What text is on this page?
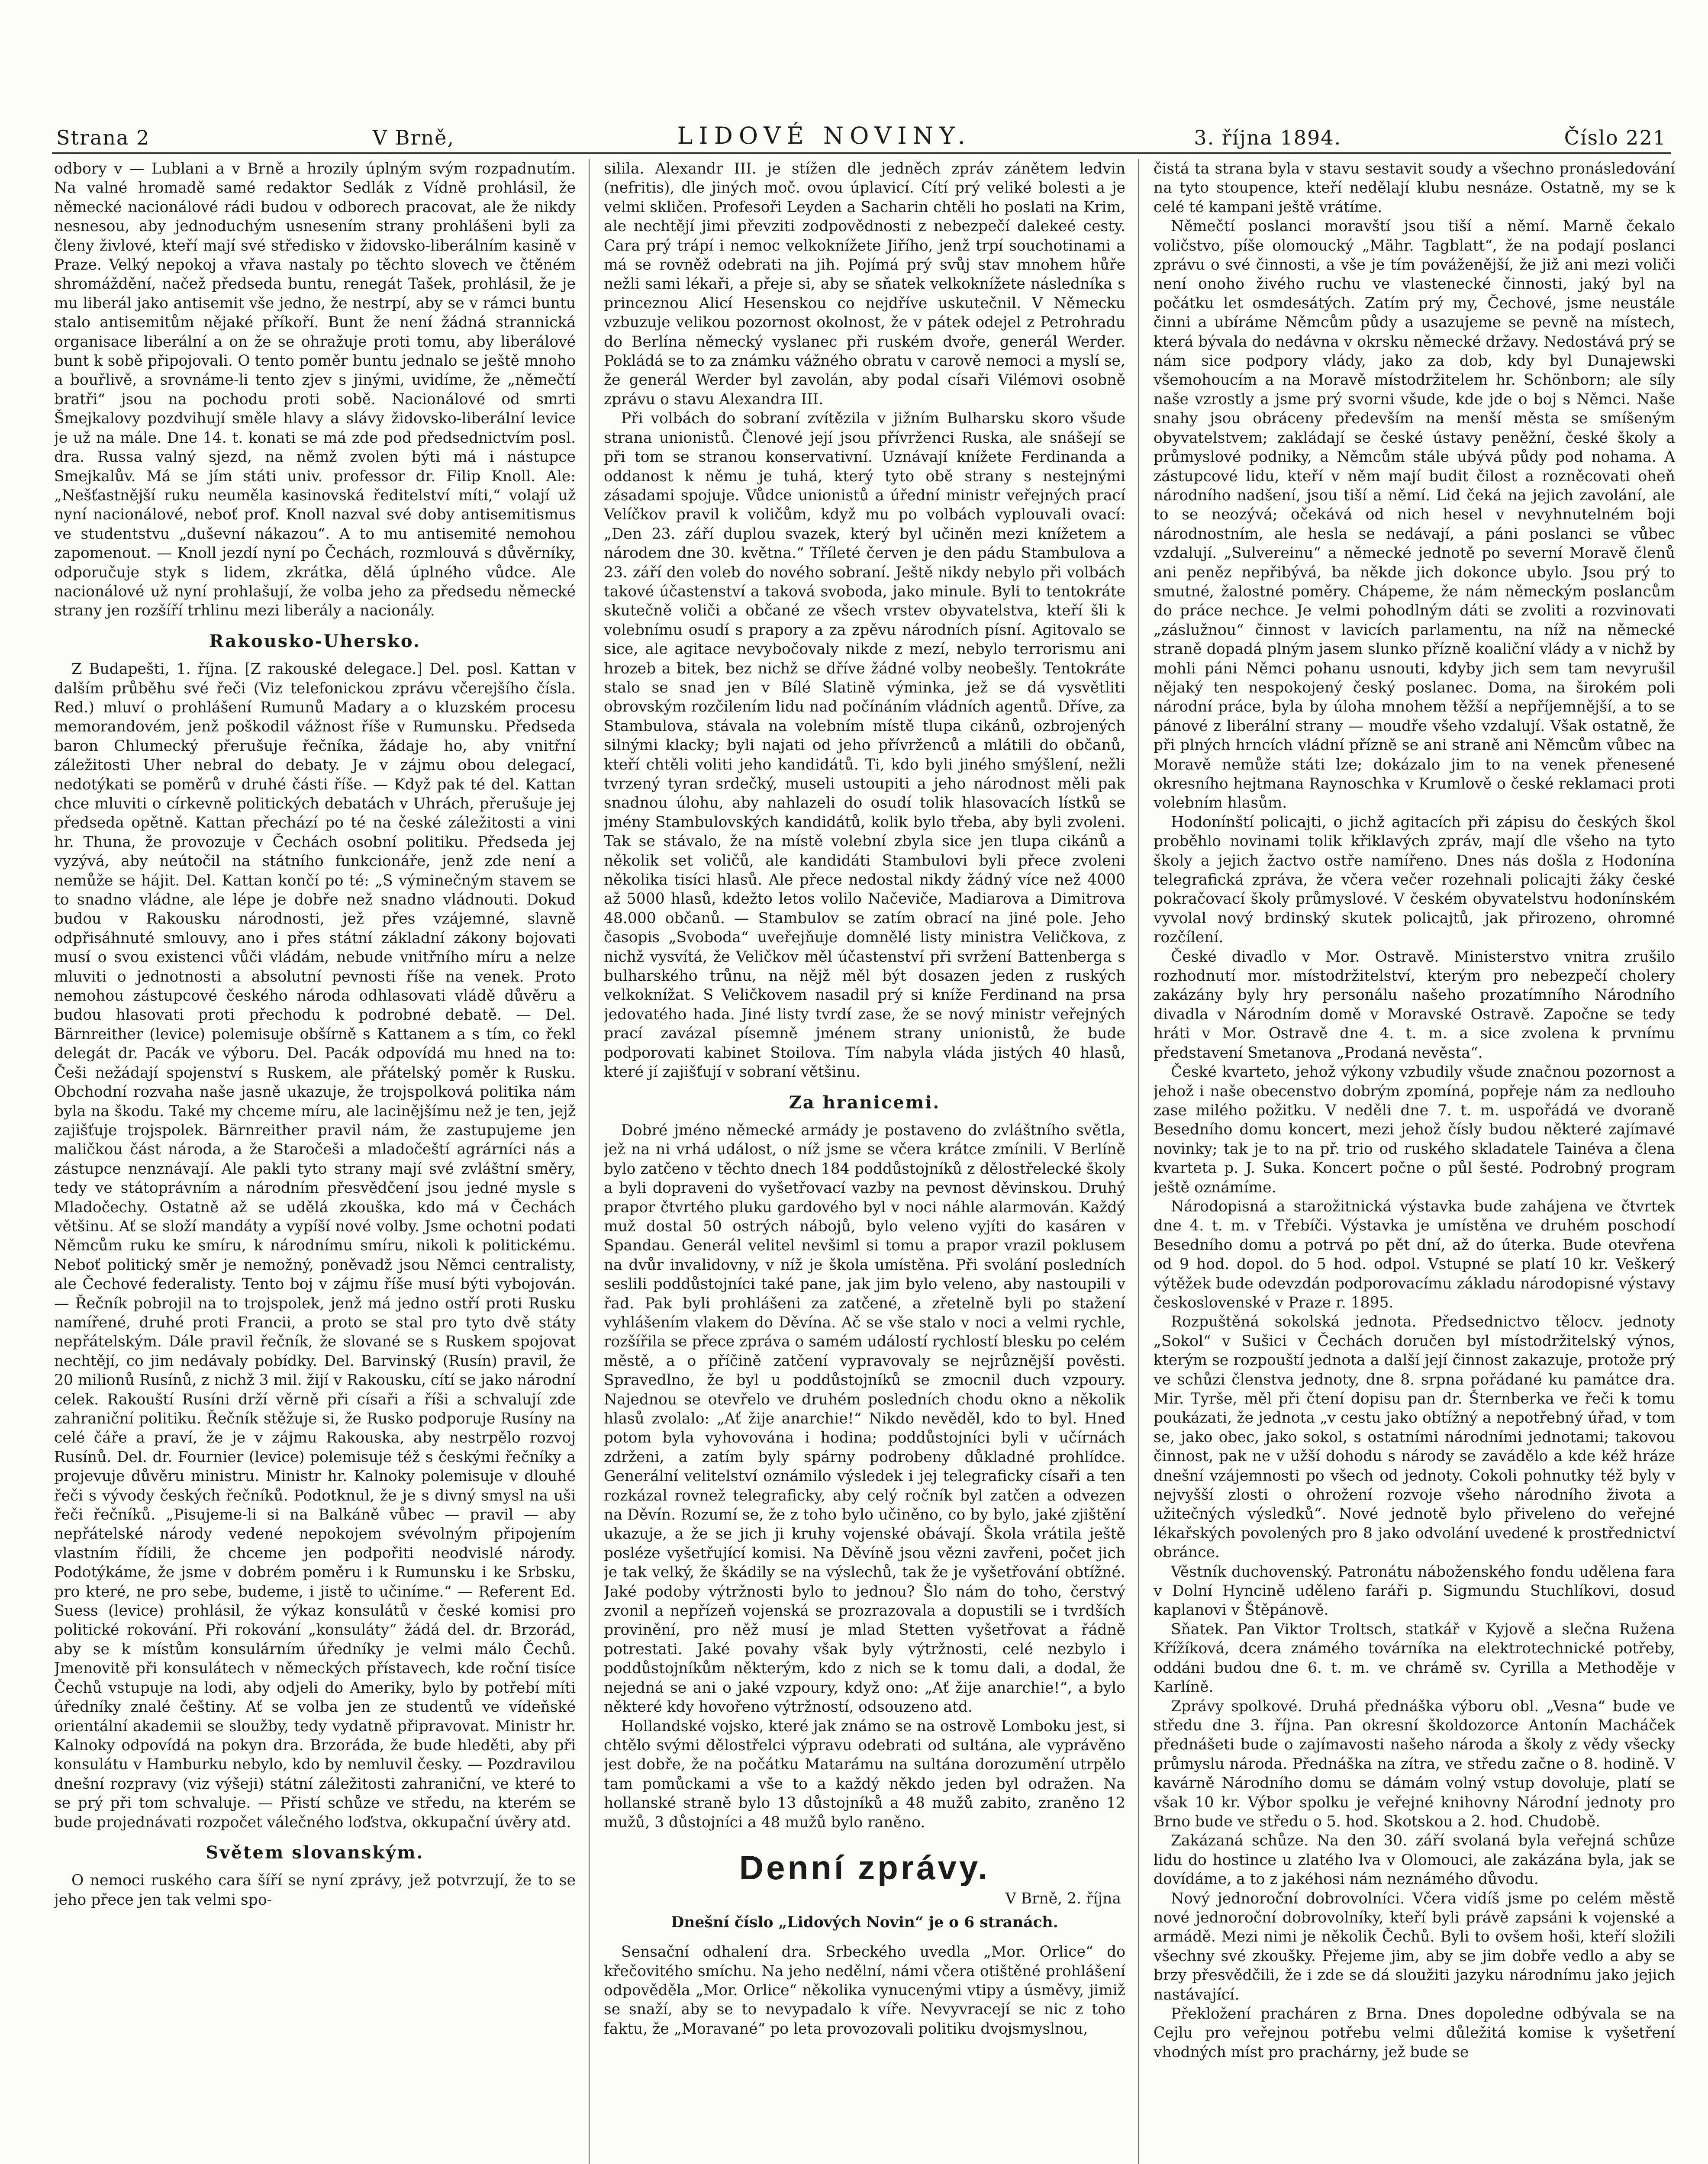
Strana 2	V Brně,	LIDOVÉ NOVINY.	3. října 1894.	Číslo 221

odbory v — Lublani a v Brně a hrozily úplným svým rozpadnutím. Na valné hromadě samé redaktor Sedlák z Vídně prohlásil, že německé nacionálové rádi budou v odborech pracovat, ale že nikdy nesnesou, aby jednoduchým usnesením strany prohlášeni byli za členy živlové, kteří mají své středisko v židovsko-liberálním kasině v Praze. Velký nepokoj a vřava nastaly po těchto slovech ve čtěném shromáždění, načež předseda buntu, renegát Tašek, prohlásil, že je mu liberál jako antisemit vše jedno, že nestrpí, aby se v rámci buntu stalo antisemitům nějaké příkoří. Bunt že není žádná strannická organisace liberální a on že se ohražuje proti tomu, aby liberálové bunt k sobě připojovali. O tento poměr buntu jednalo se ještě mnoho a bouřlivě, a srovnáme-li tento zjev s jinými, uvidíme, že „němečtí bratři“ jsou na pochodu proti sobě. Nacionálové od smrti Šmejkalovy pozdvihují směle hlavy a slávy židovsko-liberální levice je už na mále. Dne 14. t. konati se má zde pod předsednictvím posl. dra. Russa valný sjezd, na němž zvolen býti má i nástupce Smejkalův. Má se jím státi univ. professor dr. Filip Knoll. Ale: „Nešťastnější ruku neuměla kasinovská ředitelství míti,“ volají už nyní nacionálové, neboť prof. Knoll nazval své doby antisemitismus ve studentstvu „duševní nákazou“. A to mu antisemité nemohou zapomenout. — Knoll jezdí nyní po Čechách, rozmlouvá s důvěrníky, odporučuje styk s lidem, zkrátka, dělá úplného vůdce. Ale nacionálové už nyní prohlašují, že volba jeho za předsedu německé strany jen rozšíří trhlinu mezi liberály a nacionály.

Rakousko-Uhersko.

Z Budapešti, 1. října. [Z rakouské delegace.] Del. posl. Kattan v dalším průběhu své řeči (Viz telefonickou zprávu včerejšího čísla. Red.) mluví o prohlášení Rumunů Madary a o kluzském procesu memorandovém, jenž poškodil vážnost říše v Rumunsku. Předseda baron Chlumecký přerušuje řečníka, žádaje ho, aby vnitřní záležitosti Uher nebral do debaty. Je v zájmu obou delegací, nedotýkati se poměrů v druhé části říše. — Když pak té del. Kattan chce mluviti o církevně politických debatách v Uhrách, přerušuje jej předseda opětně. Kattan přechází po té na české záležitosti a vini hr. Thuna, že provozuje v Čechách osobní politiku. Předseda jej vyzývá, aby neútočil na státního funkcionáře, jenž zde není a nemůže se hájit. Del. Kattan končí po té: „S výminečným stavem se to snadno vládne, ale lépe je dobře než snadno vládnouti. Dokud budou v Rakousku národnosti, jež přes vzájemné, slavně odpřisáhnuté smlouvy, ano i přes státní základní zákony bojovati musí o svou existenci vůči vládám, nebude vnitřního míru a nelze mluviti o jednotnosti a absolutní pevnosti říše na venek. Proto nemohou zástupcové českého národa odhlasovati vládě důvěru a budou hlasovati proti přechodu k podrobné debatě. — Del. Bärnreither (levice) polemisuje obšírně s Kattanem a s tím, co řekl delegát dr. Pacák ve výboru. Del. Pacák odpovídá mu hned na to: Češi nežádají spojenství s Ruskem, ale přátelský poměr k Rusku. Obchodní rozvaha naše jasně ukazuje, že trojspolková politika nám byla na škodu. Také my chceme míru, ale lacinějšímu než je ten, jejž zajišťuje trojspolek. Bärnreither pravil nám, že zastupujeme jen maličkou část národa, a že Staročeši a mladočeští agrárníci nás a zástupce nenznávají. Ale pakli tyto strany mají své zvláštní směry, tedy ve státoprávním a národním přesvědčení jsou jedné mysle s Mladočechy. Ostatně až se udělá zkouška, kdo má v Čechách většinu. Ať se složí mandáty a vypíší nové volby. Jsme ochotni podati Němcům ruku ke smíru, k národnímu smíru, nikoli k politickému. Neboť politický směr je nemožný, poněvadž jsou Němci centralisty, ale Čechové federalisty. Tento boj v zájmu říše musí býti vybojován. — Řečník pobrojil na to trojspolek, jenž má jedno ostří proti Rusku namířené, druhé proti Francii, a proto se stal pro tyto dvě státy nepřátelským. Dále pravil řečník, že slované se s Ruskem spojovat nechtějí, co jim nedávaly pobídky. Del. Barvinský (Rusín) pravil, že 20 milionů Rusínů, z nichž 3 mil. žijí v Rakousku, cítí se jako národní celek. Rakouští Rusíni drží věrně při císaři a říši a schvalují zde zahraniční politiku. Řečník stěžuje si, že Rusko podporuje Rusíny na celé čáře a praví, že je v zájmu Rakouska, aby nestrpělo rozvoj Rusínů. Del. dr. Fournier (levice) polemisuje též s českými řečníky a projevuje důvěru ministru. Ministr hr. Kalnoky polemisuje v dlouhé řeči s vývody českých řečníků. Podotknul, že je s divný smysl na uši řeči řečníků. „Pisujeme-li si na Balkáně vůbec — pravil — aby nepřátelské národy vedené nepokojem svévolným připojením vlastním řídili, že chceme jen podpořiti neodvislé národy. Podotýkáme, že jsme v dobrém poměru i k Rumunsku i ke Srbsku, pro které, ne pro sebe, budeme, i jistě to učiníme.“ — Referent Ed. Suess (levice) prohlásil, že výkaz konsulátů v české komisi pro politické rokování. Při rokování „konsuláty“ žádá del. dr. Brzorád, aby se k místům konsulárním úředníky je velmi málo Čechů. Jmenovitě při konsulátech v německých přístavech, kde roční tisíce Čechů vstupuje na lodi, aby odjeli do Ameriky, bylo by potřebí míti úředníky znalé češtiny. Ať se volba jen ze studentů ve vídeňské orientální akademii se sloužby, tedy vydatně připravovat. Ministr hr. Kalnoky odpovídá na pokyn dra. Brzoráda, že bude hleděti, aby při konsulátu v Hamburku nebylo, kdo by nemluvil česky. — Pozdravilou dnešní rozpravy (viz výšeji) státní záležitosti zahraniční, ve které to se prý při tom schvaluje. — Přistí schůze ve středu, na kterém se bude projednávati rozpočet válečného loďstva, okkupační úvěry atd.

Světem slovanským.

O nemoci ruského cara šíří se nyní zprávy, jež potvrzují, že to se jeho přece jen tak velmi spo-

silila. Alexandr III. je stížen dle jedněch zpráv zánětem ledvin (nefritis), dle jiných moč. ovou úplavicí. Cítí prý veliké bolesti a je velmi skličen. Profesoři Leyden a Sacharin chtěli ho poslati na Krim, ale nechtějí jimi převziti zodpovědnosti z nebezpečí dalekeé cesty. Cara prý trápí i nemoc velkoknížete Jiřího, jenž trpí souchotinami a má se rovněž odebrati na jih. Pojímá prý svůj stav mnohem hůře nežli sami lékaři, a přeje si, aby se sňatek velkoknížete následníka s princeznou Alicí Hesenskou co nejdříve uskutečnil. V Německu vzbuzuje velikou pozornost okolnost, že v pátek odejel z Petrohradu do Berlína německý vyslanec při ruském dvoře, generál Werder. Pokládá se to za známku vážného obratu v carově nemoci a myslí se, že generál Werder byl zavolán, aby podal císaři Vilémovi osobně zprávu o stavu Alexandra III.

Při volbách do sobraní zvítězila v jižním Bulharsku skoro všude strana unionistů. Členové její jsou přívrženci Ruska, ale snášejí se při tom se stranou konservativní. Uznávají knížete Ferdinanda a oddanost k němu je tuhá, který tyto obě strany s nestejnými zásadami spojuje. Vůdce unionistů a úřední ministr veřejných prací Velíčkov pravil k voličům, když mu po volbách vyplouvali ovací: „Den 23. září duplou svazek, který byl učiněn mezi knížetem a národem dne 30. května.“ Tříleté červen je den pádu Stambulova a 23. září den voleb do nového sobraní. Ještě nikdy nebylo při volbách takové účastenství a taková svoboda, jako minule. Byli to tentokráte skutečně voliči a občané ze všech vrstev obyvatelstva, kteří šli k volebnímu osudí s prapory a za zpěvu národních písní. Agitovalo se sice, ale agitace nevybočovaly nikde z mezí, nebylo terrorismu ani hrozeb a bitek, bez nichž se dříve žádné volby neobešly. Tentokráte stalo se snad jen v Bílé Slatině výminka, jež se dá vysvětliti obrovským rozčilením lidu nad počínáním vládních agentů. Dříve, za Stambulova, stávala na volebním místě tlupa cikánů, ozbrojených silnými klacky; byli najati od jeho přívrženců a mlátili do občanů, kteří chtěli voliti jeho kandidátů. Ti, kdo byli jiného smýšlení, nežli tvrzený tyran srdečký, museli ustoupiti a jeho národnost měli pak snadnou úlohu, aby nahlazeli do osudí tolik hlasovacích lístků se jmény Stambulovských kandidátů, kolik bylo třeba, aby byli zvoleni. Tak se stávalo, že na místě volební zbyla sice jen tlupa cikánů a několik set voličů, ale kandidáti Stambulovi byli přece zvoleni několika tisíci hlasů. Ale přece nedostal nikdy žádný více než 4000 až 5000 hlasů, kdežto letos volilo Načeviče, Madiarova a Dimitrova 48.000 občanů. — Stambulov se zatím obrací na jiné pole. Jeho časopis „Svoboda“ uveřejňuje domnělé listy ministra Veličkova, z nichž vysvítá, že Veličkov měl účastenství při svržení Battenberga s bulharského trůnu, na nějž měl být dosazen jeden z ruských velkoknížat. S Veličkovem nasadil prý si kníže Ferdinand na prsa jedovatého hada. Jiné listy tvrdí zase, že se nový ministr veřejných prací zavázal písemně jménem strany unionistů, že bude podporovati kabinet Stoilova. Tím nabyla vláda jistých 40 hlasů, které jí zajišťují v sobraní většinu.

Za hranicemi.

Dobré jméno německé armády je postaveno do zvláštního světla, jež na ni vrhá událost, o níž jsme se včera krátce zmínili. V Berlíně bylo zatčeno v těchto dnech 184 poddůstojníků z dělostřelecké školy a byli dopraveni do vyšetřovací vazby na pevnost děvinskou. Druhý prapor čtvrtého pluku gardového byl v noci náhle alarmován. Každý muž dostal 50 ostrých nábojů, bylo veleno vyjíti do kasáren v Spandau. Generál velitel nevšiml si tomu a prapor vrazil poklusem na dvůr invalidovny, v níž je škola umístěna. Při svolání posledních seslili poddůstojníci také pane, jak jim bylo veleno, aby nastoupili v řad. Pak byli prohlášeni za zatčené, a zřetelně byli po stažení vyhlášením vlakem do Děvína. Ač se vše stalo v noci a velmi rychle, rozšířila se přece zpráva o samém událostí rychlostí blesku po celém městě, a o příčině zatčení vypravovaly se nejrůznější pověsti. Spravedlno, že byl u poddůstojníků se zmocnil duch vzpoury. Najednou se otevřelo ve druhém posledních chodu okno a několik hlasů zvolalo: „Ať žije anarchie!“ Nikdo nevěděl, kdo to byl. Hned potom byla vyhovována i hodina; poddůstojníci byli v učírnách zdrženi, a zatím byly spárny podrobeny důkladné prohlídce. Generální velitelství oznámilo výsledek i jej telegraficky císaři a ten rozkázal rovnež telegraficky, aby celý ročník byl zatčen a odvezen na Děvín. Rozumí se, že z toho bylo učiněno, co by bylo, jaké zjištění ukazuje, a že se jich ji kruhy vojenské obávají. Škola vrátila ještě posléze vyšetřující komisi. Na Děvíně jsou vězni zavřeni, počet jich je tak velký, že škádily se na výslechů, tak že je vyšetřování obtížné. Jaké podoby výtržnosti bylo to jednou? Šlo nám do toho, čerstvý zvonil a nepřízeň vojenská se prozrazovala a dopustili se i tvrdších provinění, pro něž musí je mlad Stetten vyšetřovat a řádně potrestati. Jaké povahy však byly výtržnosti, celé nezbylo i poddůstojníkům některým, kdo z nich se k tomu dali, a dodal, že nejedná se ani o jaké vzpoury, když ono: „Ať žije anarchie!“, a bylo některé kdy hovořeno výtržností, odsouzeno atd.

Hollandské vojsko, které jak známo se na ostrově Lomboku jest, si chtělo svými dělostřelci výpravu odebrati od sultána, ale vyprávěno jest dobře, že na počátku Matarámu na sultána dorozumění utrpělo tam pomůckami a vše to a každý někdo jeden byl odražen. Na hollanské straně bylo 13 důstojníků a 48 mužů zabito, zraněno 12 mužů, 3 důstojníci a 48 mužů bylo raněno.

Denní zprávy.
V Brně, 2. října
Dnešní číslo „Lidových Novin“ je o 6 stranách.

Sensační odhalení dra. Srbeckého uvedla „Mor. Orlice“ do křečovitého smíchu. Na jeho nedělní, námi včera otištěné prohlášení odpověděla „Mor. Orlice“ několika vynucenými vtipy a úsměvy, jimiž se snaží, aby se to nevypadalo k víře. Nevyvracejí se nic z toho faktu, že „Moravané“ po leta provozovali politiku dvojsmyslnou,

čistá ta strana byla v stavu sestavit soudy a všechno pronásledování na tyto stoupence, kteří nedělají klubu nesnáze. Ostatně, my se k celé té kampani ještě vrátíme.

Němečtí poslanci moravští jsou tiší a němí. Marně čekalo voličstvo, píše olomoucký „Mähr. Tagblatt“, že na podají poslanci zprávu o své činnosti, a vše je tím pováženější, že již ani mezi voliči není onoho živého ruchu ve vlastenecké činnosti, jaký byl na počátku let osmdesátých. Zatím prý my, Čechové, jsme neustále činni a ubíráme Němcům půdy a usazujeme se pevně na místech, která bývala do nedávna v okrsku německé državy. Nedostává prý se nám sice podpory vlády, jako za dob, kdy byl Dunajewski všemohoucím a na Moravě místodržitelem hr. Schönborn; ale síly naše vzrostly a jsme prý svorni všude, kde jde o boj s Němci. Naše snahy jsou obráceny především na menší města se smíšeným obyvatelstvem; zakládají se české ústavy peněžní, české školy a průmyslové podniky, a Němcům stále ubývá půdy pod nohama. A zástupcové lidu, kteří v něm mají budit čilost a rozněcovati oheň národního nadšení, jsou tiší a němí. Lid čeká na jejich zavolání, ale to se neozývá; očekává od nich hesel v nevyhnutelném boji národnostním, ale hesla se nedávají, a páni poslanci se vůbec vzdalují. „Sulvereinu“ a německé jednotě po severní Moravě členů ani peněz nepřibývá, ba někde jich dokonce ubylo. Jsou prý to smutné, žalostné poměry. Chápeme, že nám německým poslancům do práce nechce. Je velmi pohodlným dáti se zvoliti a rozvinovati „záslužnou“ činnost v lavicích parlamentu, na níž na německé straně dopadá plným jasem slunko přízně koaliční vlády a v nichž by mohli páni Němci pohanu usnouti, kdyby jich sem tam nevyrušil nějaký ten nespokojený český poslanec. Doma, na širokém poli národní práce, byla by úloha mnohem těžší a nepříjemnější, a to se pánové z liberální strany — moudře všeho vzdalují. Však ostatně, že při plných hrncích vládní přízně se ani straně ani Němcům vůbec na Moravě nemůže státi lze; dokázalo jim to na venek přenesené okresního hejtmana Raynoschka v Krumlově o české reklamaci proti volebním hlasům.

Hodonínští policajti, o jichž agitacích při zápisu do českých škol proběhlo novinami tolik křiklavých zpráv, mají dle všeho na tyto školy a jejich žactvo ostře namířeno. Dnes nás došla z Hodonína telegrafická zpráva, že včera večer rozehnali policajti žáky české pokračovací školy průmyslové. V českém obyvatelstvu hodonínském vyvolal nový brdinský skutek policajtů, jak přirozeno, ohromné rozčílení.

České divadlo v Mor. Ostravě. Ministerstvo vnitra zrušilo rozhodnutí mor. místodržitelství, kterým pro nebezpečí cholery zakázány byly hry personálu našeho prozatímního Národního divadla v Národním domě v Moravské Ostravě. Započne se tedy hráti v Mor. Ostravě dne 4. t. m. a sice zvolena k prvnímu představení Smetanova „Prodaná nevěsta“.

České kvarteto, jehož výkony vzbudily všude značnou pozornost a jehož i naše obecenstvo dobrým zpomíná, popřeje nám za nedlouho zase milého požitku. V neděli dne 7. t. m. uspořádá ve dvoraně Besedního domu koncert, mezi jehož čísly budou některé zajímavé novinky; tak je to na př. trio od ruského skladatele Tainéva a člena kvarteta p. J. Suka. Koncert počne o půl šesté. Podrobný program ještě oznámíme.

Národopisná a starožitnická výstavka bude zahájena ve čtvrtek dne 4. t. m. v Třebíči. Výstavka je umístěna ve druhém poschodí Besedního domu a potrvá po pět dní, až do úterka. Bude otevřena od 9 hod. dopol. do 5 hod. odpol. Vstupné se platí 10 kr. Veškerý výtěžek bude odevzdán podporovacímu základu národopisné výstavy československé v Praze r. 1895.

Rozpuštěná sokolská jednota. Předsednictvo tělocv. jednoty „Sokol“ v Sušici v Čechách doručen byl místodržitelský výnos, kterým se rozpouští jednota a další její činnost zakazuje, protože prý ve schůzi členstva jednoty, dne 8. srpna pořádané ku památce dra. Mir. Tyrše, měl při čtení dopisu pan dr. Šternberka ve řeči k tomu poukázati, že jednota „v cestu jako obtížný a nepotřebný úřad, v tom se, jako obec, jako sokol, s ostatními národními jednotami; takovou činnost, pak ne v užší dohodu s národy se zavádělo a kde kéž hráze dnešní vzájemnosti po všech od jednoty. Cokoli pohnutky též byly v nejvyšší zlosti o ohrožení rozvoje všeho národního života a užitečných výsledků“. Nové jednotě bylo přiveleno do veřejné lékařských povolených pro 8 jako odvolání uvedené k prostřednictví obránce.

Věstník duchovenský. Patronátu náboženského fondu udělena fara v Dolní Hyncině uděleno faráři p. Sigmundu Stuchlíkovi, dosud kaplanovi v Štěpánově.

Sňatek. Pan Viktor Troltsch, statkář v Kyjově a slečna Ružena Křížíková, dcera známého továrníka na elektrotechnické potřeby, oddáni budou dne 6. t. m. ve chrámě sv. Cyrilla a Methoděje v Karlíně.

Zprávy spolkové. Druhá přednáška výboru obl. „Vesna“ bude ve středu dne 3. října. Pan okresní školdozorce Antonín Macháček přednášeti bude o zajímavosti našeho národa a školy z vědy všecky průmyslu národa. Přednáška na zítra, ve středu začne o 8. hodině. V kavárně Národního domu se dámám volný vstup dovoluje, platí se však 10 kr. Výbor spolku je veřejné knihovny Národní jednoty pro Brno bude ve středu o 5. hod. Skotskou a 2. hod. Chudobě.

Zakázaná schůze. Na den 30. září svolaná byla veřejná schůze lidu do hostince u zlatého lva v Olomouci, ale zakázána byla, jak se dovídáme, a to z jakéhosi nám neznámého důvodu.

Nový jednoroční dobrovolníci. Včera vidíš jsme po celém městě nové jednoroční dobrovolníky, kteří byli právě zapsáni k vojenské a armádě. Mezi nimi je několik Čechů. Byli to ovšem hoši, kteří složili všechny své zkoušky. Přejeme jim, aby se jim dobře vedlo a aby se brzy přesvědčili, že i zde se dá sloužiti jazyku národnímu jako jejich nastávající.

Překložení pracháren z Brna. Dnes dopoledne odbývala se na Cejlu pro veřejnou potřebu velmi důležitá komise k vyšetření vhodných míst pro prachárny, jež bude se
